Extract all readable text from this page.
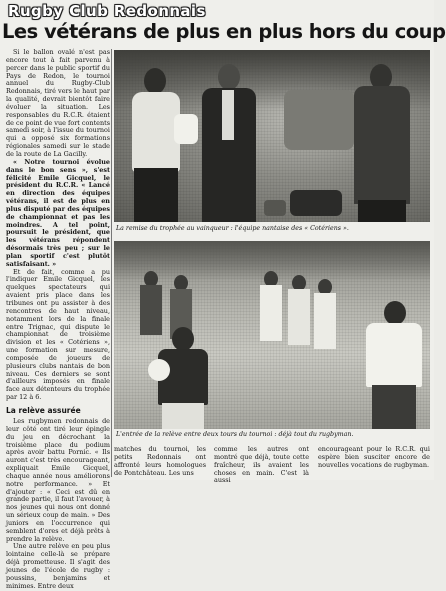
Rugby Club Redonnais
Les vétérans de plus en plus hors du coup

Si le ballon ovalé n'est pas encore tout à fait parvenu à percer dans le public sportif du Pays de Redon, le tournoi annuel du Rugby-Club Redonnais, tiré vers le haut par la qualité, devrait bientôt faire évoluer la situation. Les responsables du R.C.R. étaient de ce point de vue fort contents samedi soir, à l'issue du tournoi qui a opposé six formations régionales samedi sur le stade de la route de La Gacilly.

« Notre tournoi évolue dans le bon sens », s'est félicité Emile Gicquel, le président du R.C.R. « Lancé en direction des équipes vétérans, il est de plus en plus disputé par des équipes de championnat et pas les moindres. A tel point, poursuit le président, que les vétérans répondent désormais très peu ; sur le plan sportif c'est plutôt satisfaisant. »

Et de fait, comme a pu l'indiquer Emile Gicquel, les quelques spectateurs qui avaient pris place dans les tribunes ont pu assister à des rencontres de haut niveau, notamment lors de la finale entre Trignac, qui dispute le championnat de troisième division et les « Cotériens », une formation sur mesure, composée de joueurs de plusieurs clubs nantais de bon niveau. Ces derniers se sont d'ailleurs imposés en finale face aux détenteurs du trophée par 12 à 6.

La relève assurée

Les rugbymen redonnais de leur côté ont tiré leur épingle du jeu en décrochant la troisième place du podium après avoir battu Pornic. « Ils auront c'est très encourageant, expliquait Emile Gicquel, chaque année nous améliorons notre performance. » Et d'ajouter : « Ceci est dû en grande partie, il faut l'avouer, à nos jeunes qui nous ont donné un sérieux coup de main. » Des juniors en l'occurrence qui semblent d'ores et déjà prêts à prendre la relève.

Une autre relève en peu plus lointaine celle-là se prépare déjà prometteuse. Il s'agit des jeunes de l'école de rugby : poussins, benjamins et minimes. Entre deux

La remise du trophée au vainqueur : l'équipe nantaise des « Cotériens ».
L'entrée de la relève entre deux tours du tournoi : déjà tout du rugbyman.
matches du tournoi, les petits Redonnais ont affronté leurs homologues de Pontchâteau. Les uns
comme les autres ont montré que déjà, toute cette fraîcheur, ils avaient les choses en main. C'est là aussi
encourageant pour le R.C.R. qui espère bien susciter encore de nouvelles vocations de rugbyman.
